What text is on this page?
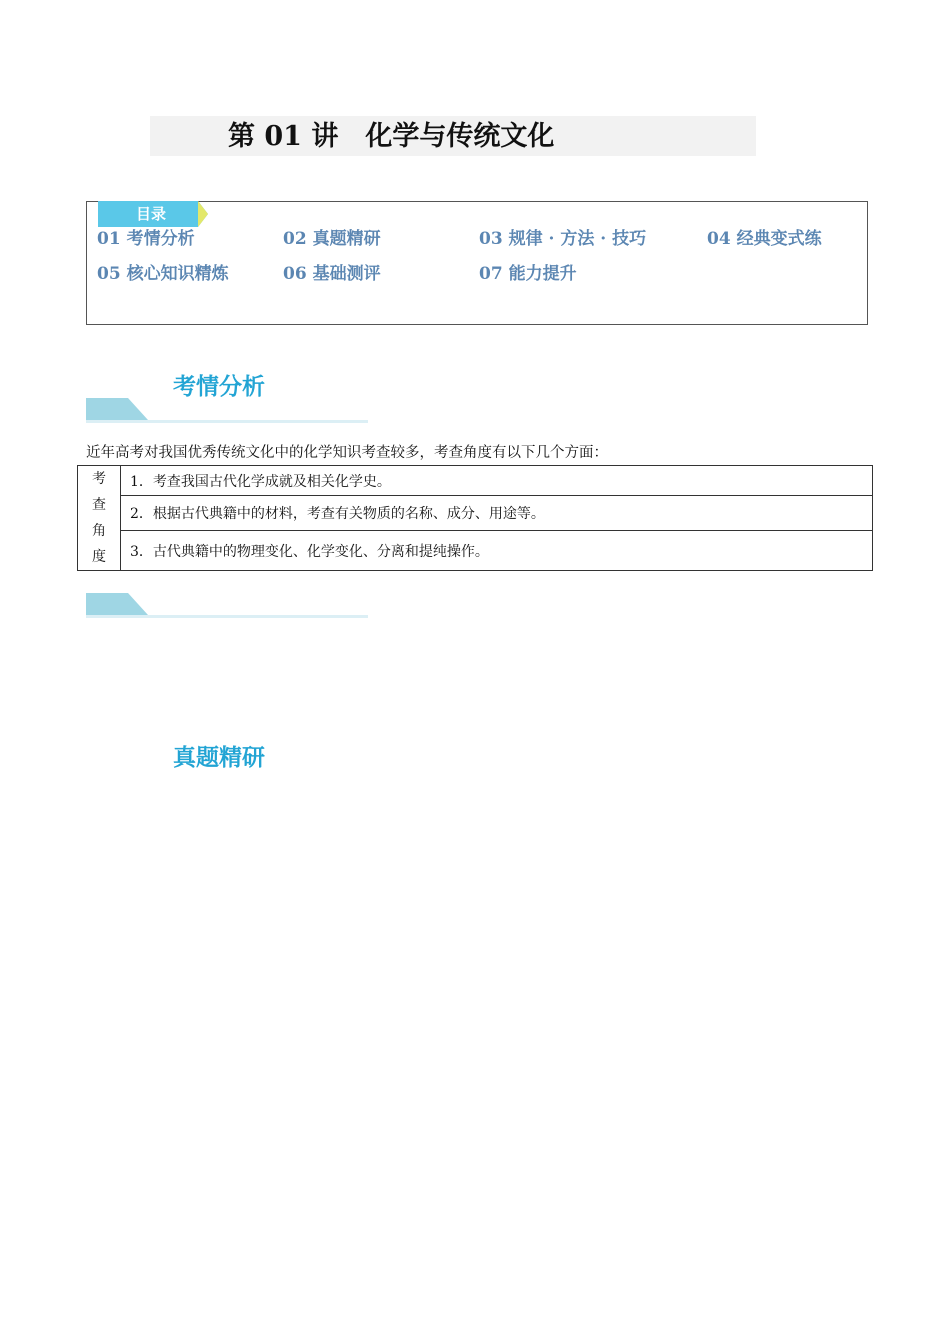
第 01 讲　化学与传统文化
目录
01 考情分析	02 真题精研	03 规律 · 方法 · 技巧	04 经典变式练
05 核心知识精炼	06 基础测评	07 能力提升
考情分析
近年高考对我国优秀传统文化中的化学知识考查较多，考查角度有以下几个方面：
考
查
角
度
	1．考查我国古代化学成就及相关化学史。
2．根据古代典籍中的材料，考查有关物质的名称、成分、用途等。
3．古代典籍中的物理变化、化学变化、分离和提纯操作。
真题精研
